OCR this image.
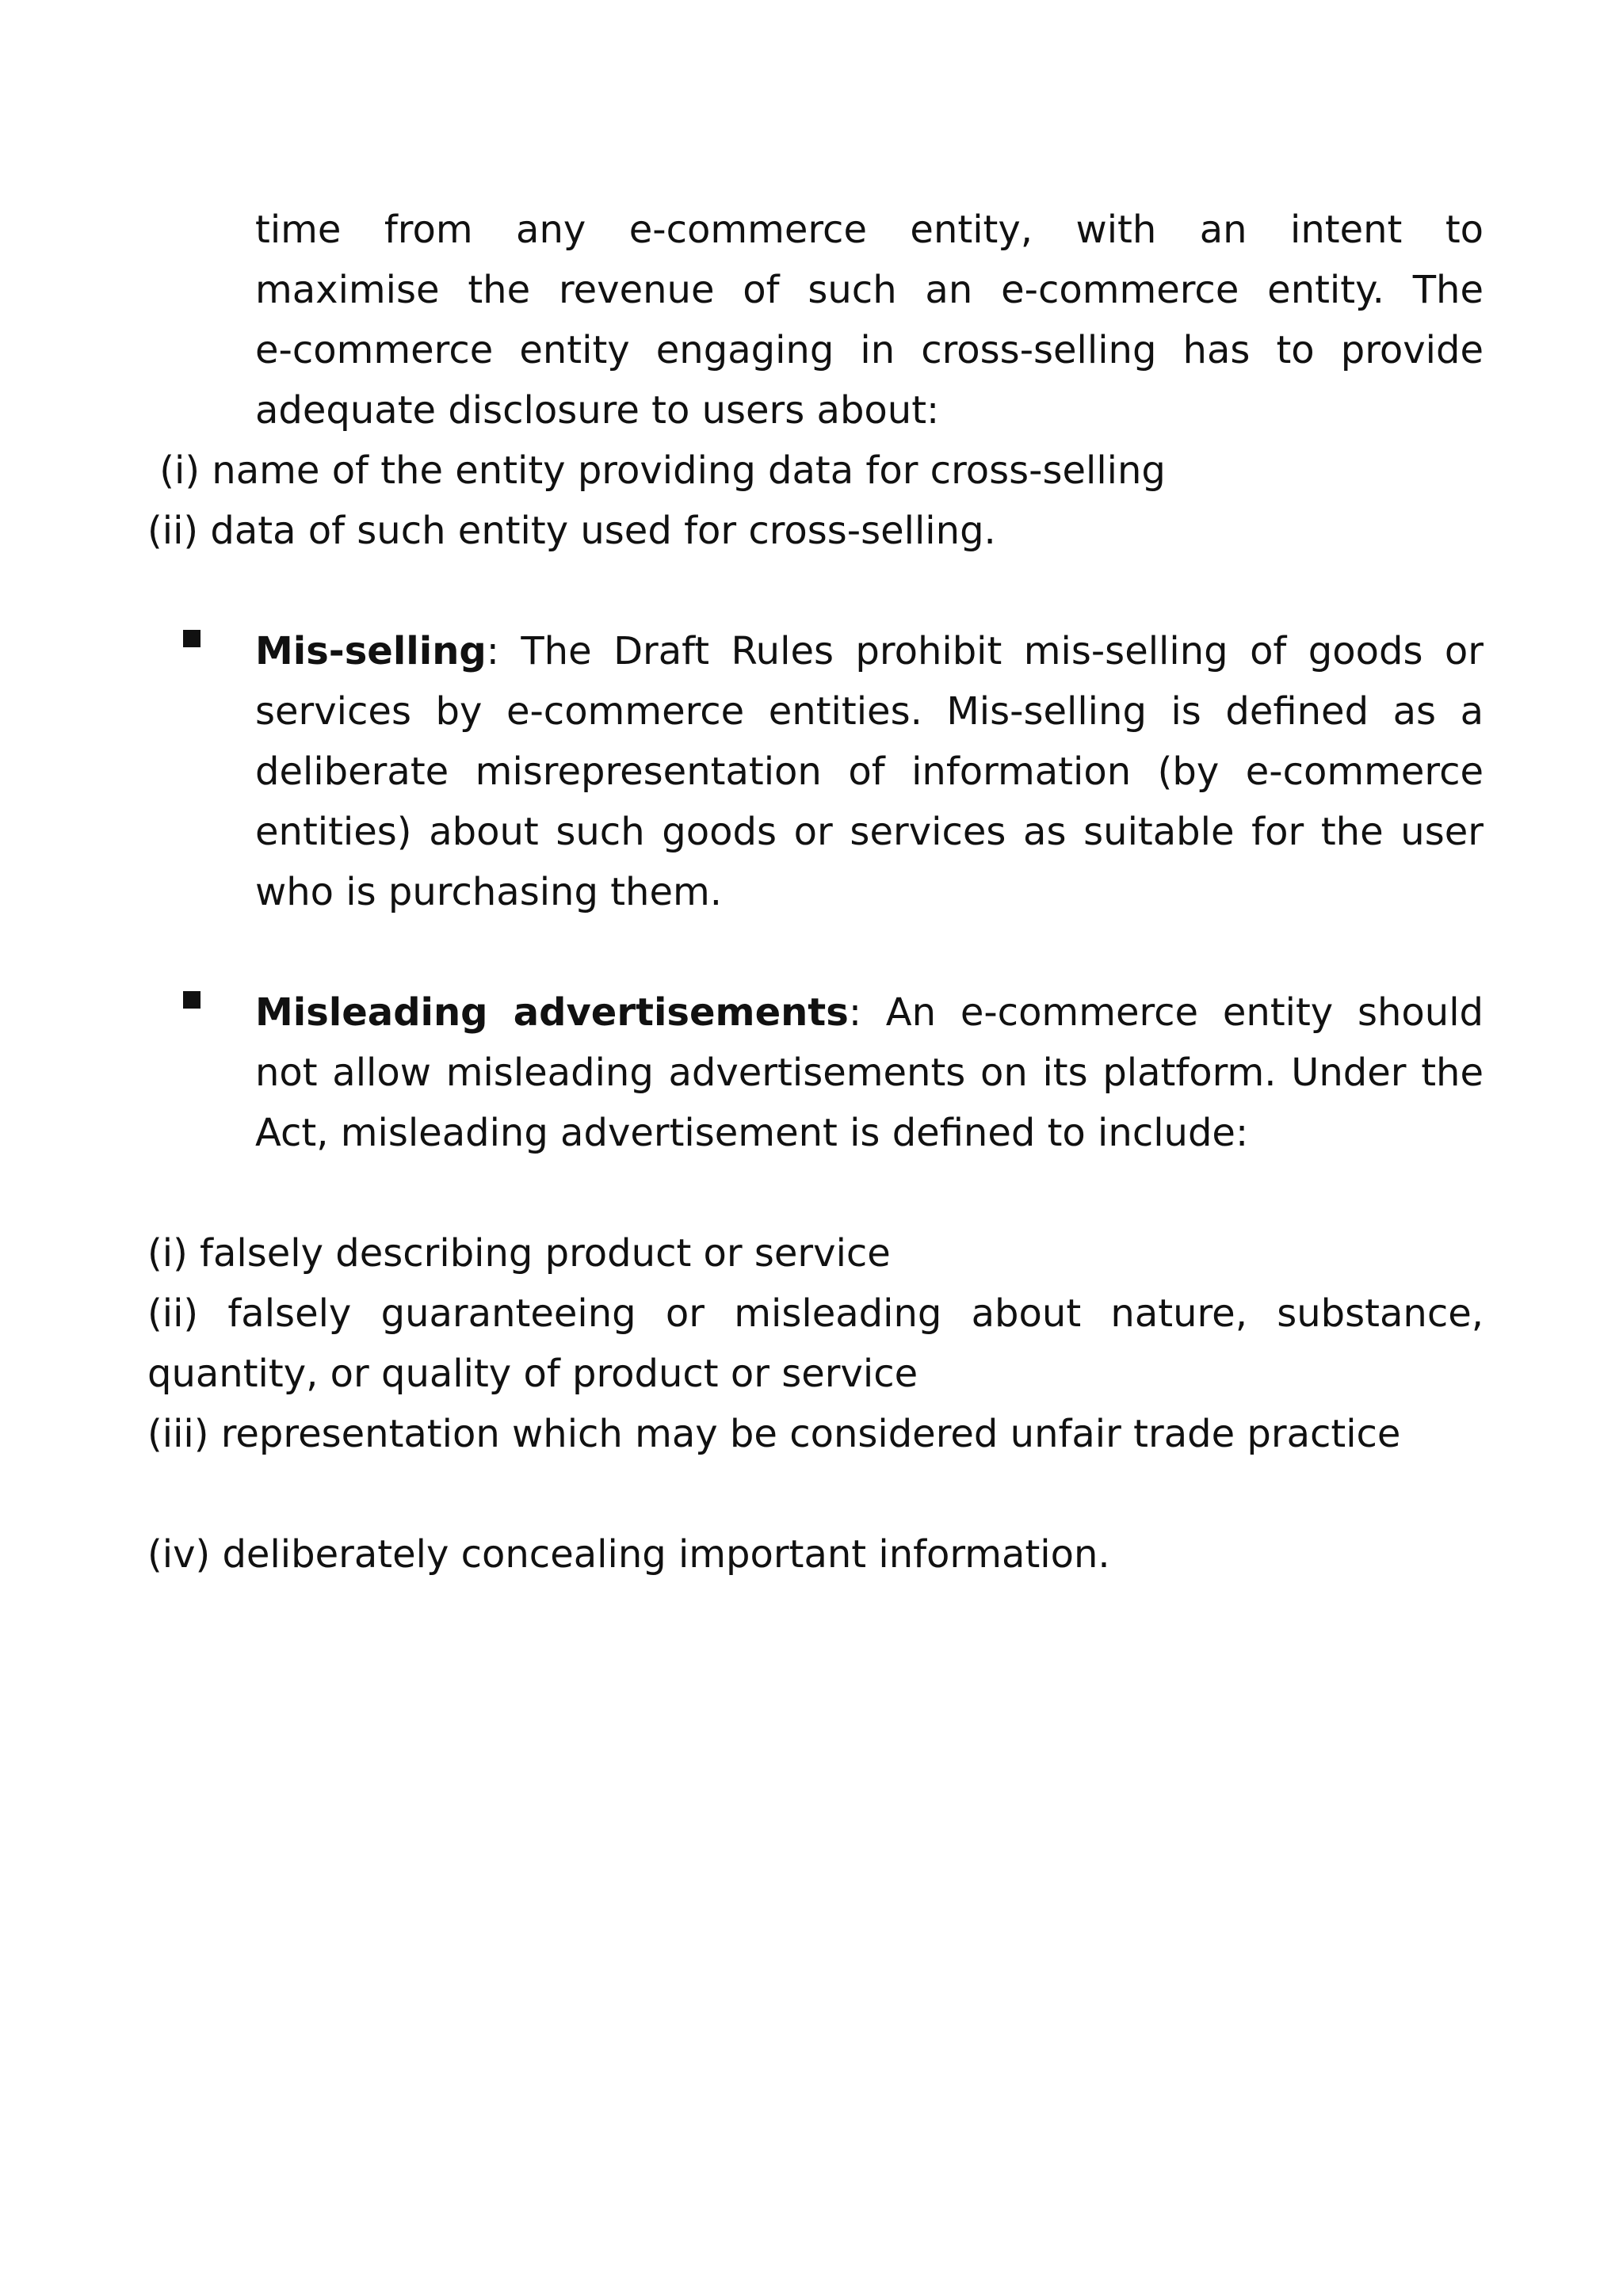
time from any e-commerce entity, with an intent to
maximise the revenue of such an e-commerce entity. The
e-commerce entity engaging in cross-selling has to provide
adequate disclosure to users about:

(i) name of the entity providing data for cross-selling

(ii) data of such entity used for cross-selling.

Mis-selling: The Draft Rules prohibit mis-selling of goods or services by e-commerce entities. Mis-selling is defined as a deliberate misrepresentation of information (by e-commerce entities) about such goods or services as suitable for the user who is purchasing them.

Misleading advertisements: An e-commerce entity should not allow misleading advertisements on its platform. Under the Act, misleading advertisement is defined to include:

(i) falsely describing product or service

(ii) falsely guaranteeing or misleading about nature, substance, quantity, or quality of product or service

(iii) representation which may be considered unfair trade practice

(iv) deliberately concealing important information.
